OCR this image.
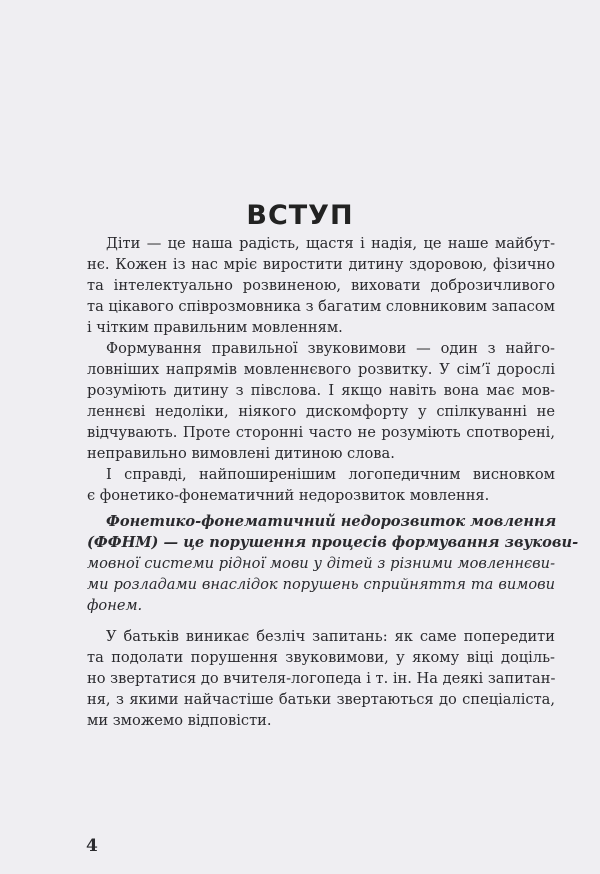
ВСТУП
Діти — це наша радість, щастя і надія, це наше майбут-
нє. Кожен із нас мріє виростити дитину здоровою, фізично
та інтелектуально розвиненою, виховати доброзичливого
та цікавого співрозмовника з багатим словниковим запасом
і чітким правильним мовленням.
Формування правильної звуковимови — один з найго-
ловніших напрямів мовленнєвого розвитку. У сім’ї дорослі
розуміють дитину з півслова. І якщо навіть вона має мов-
леннєві недоліки, ніякого дискомфорту у спілкуванні не
відчувають. Проте сторонні часто не розуміють спотворені,
неправильно вимовлені дитиною слова.
І справді, найпоширенішим логопедичним висновком
є фонетико-фонематичний недорозвиток мовлення.
Фонетико-фонематичний недорозвиток мовлення
(ФФНМ) — це порушення процесів формування звукови-
мовної системи рідної мови у дітей з різними мовленнєви-
ми розладами внаслідок порушень сприйняття та вимови
фонем.
У батьків виникає безліч запитань: як саме попередити
та подолати порушення звуковимови, у якому віці доціль-
но звертатися до вчителя-логопеда і т. ін. На деякі запитан-
ня, з якими найчастіше батьки звертаються до спеціаліста,
ми зможемо відповісти.
4
